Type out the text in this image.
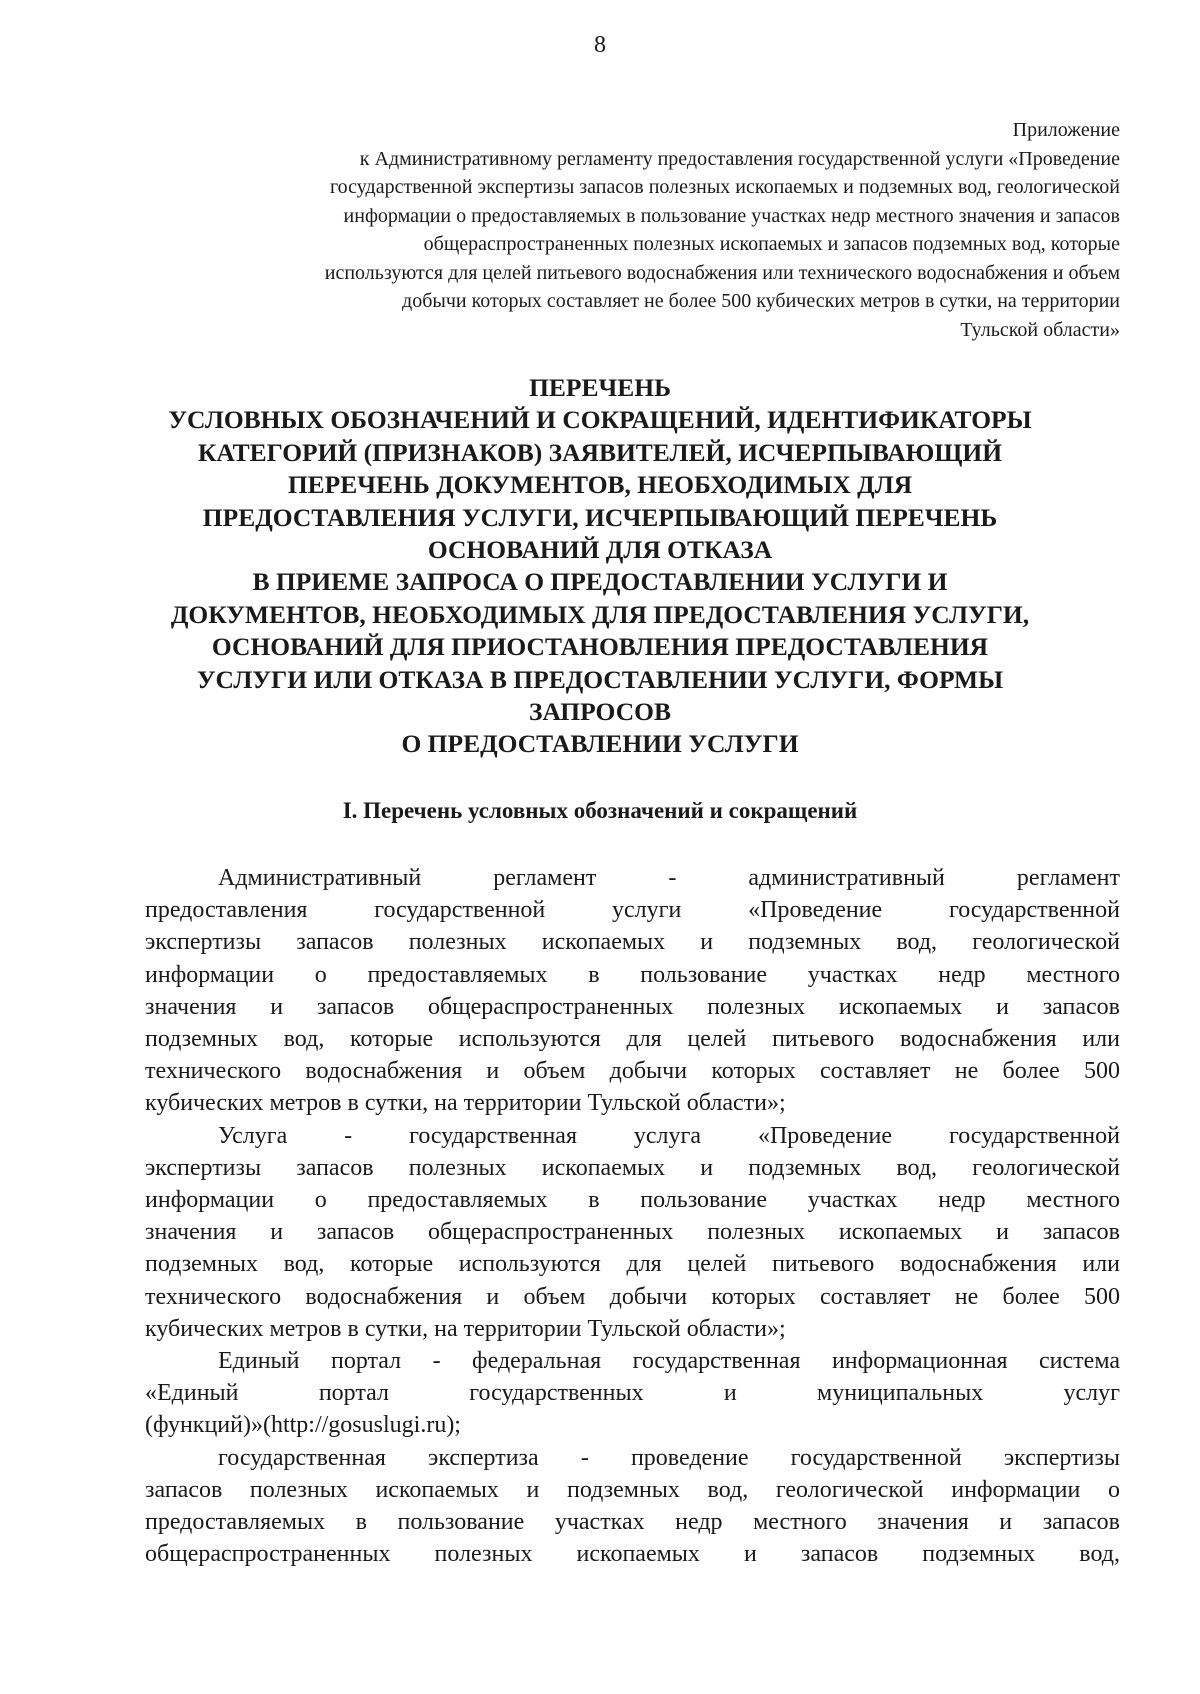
8
Приложение
к Административному регламенту предоставления государственной услуги «Проведение
государственной экспертизы запасов полезных ископаемых и подземных вод, геологической
информации о предоставляемых в пользование участках недр местного значения и запасов
общераспространенных полезных ископаемых и запасов подземных вод, которые
используются для целей питьевого водоснабжения или технического водоснабжения и объем
добычи которых составляет не более 500 кубических метров в сутки, на территории
Тульской области»
ПЕРЕЧЕНЬ
УСЛОВНЫХ ОБОЗНАЧЕНИЙ И СОКРАЩЕНИЙ, ИДЕНТИФИКАТОРЫ
КАТЕГОРИЙ (ПРИЗНАКОВ) ЗАЯВИТЕЛЕЙ, ИСЧЕРПЫВАЮЩИЙ
ПЕРЕЧЕНЬ ДОКУМЕНТОВ, НЕОБХОДИМЫХ ДЛЯ
ПРЕДОСТАВЛЕНИЯ УСЛУГИ, ИСЧЕРПЫВАЮЩИЙ ПЕРЕЧЕНЬ
ОСНОВАНИЙ ДЛЯ ОТКАЗА
В ПРИЕМЕ ЗАПРОСА О ПРЕДОСТАВЛЕНИИ УСЛУГИ И
ДОКУМЕНТОВ, НЕОБХОДИМЫХ ДЛЯ ПРЕДОСТАВЛЕНИЯ УСЛУГИ,
ОСНОВАНИЙ ДЛЯ ПРИОСТАНОВЛЕНИЯ ПРЕДОСТАВЛЕНИЯ
УСЛУГИ ИЛИ ОТКАЗА В ПРЕДОСТАВЛЕНИИ УСЛУГИ, ФОРМЫ
ЗАПРОСОВ
О ПРЕДОСТАВЛЕНИИ УСЛУГИ
I. Перечень условных обозначений и сокращений
Административный регламент - административный регламент
предоставления государственной услуги «Проведение государственной
экспертизы запасов полезных ископаемых и подземных вод, геологической
информации о предоставляемых в пользование участках недр местного
значения и запасов общераспространенных полезных ископаемых и запасов
подземных вод, которые используются для целей питьевого водоснабжения или
технического водоснабжения и объем добычи которых составляет не более 500
кубических метров в сутки, на территории Тульской области»;
Услуга - государственная услуга «Проведение государственной
экспертизы запасов полезных ископаемых и подземных вод, геологической
информации о предоставляемых в пользование участках недр местного
значения и запасов общераспространенных полезных ископаемых и запасов
подземных вод, которые используются для целей питьевого водоснабжения или
технического водоснабжения и объем добычи которых составляет не более 500
кубических метров в сутки, на территории Тульской области»;
Единый портал - федеральная государственная информационная система
«Единый портал государственных и муниципальных услуг
(функций)»(http://gosuslugi.ru);
государственная экспертиза - проведение государственной экспертизы
запасов полезных ископаемых и подземных вод, геологической информации о
предоставляемых в пользование участках недр местного значения и запасов
общераспространенных полезных ископаемых и запасов подземных вод,
